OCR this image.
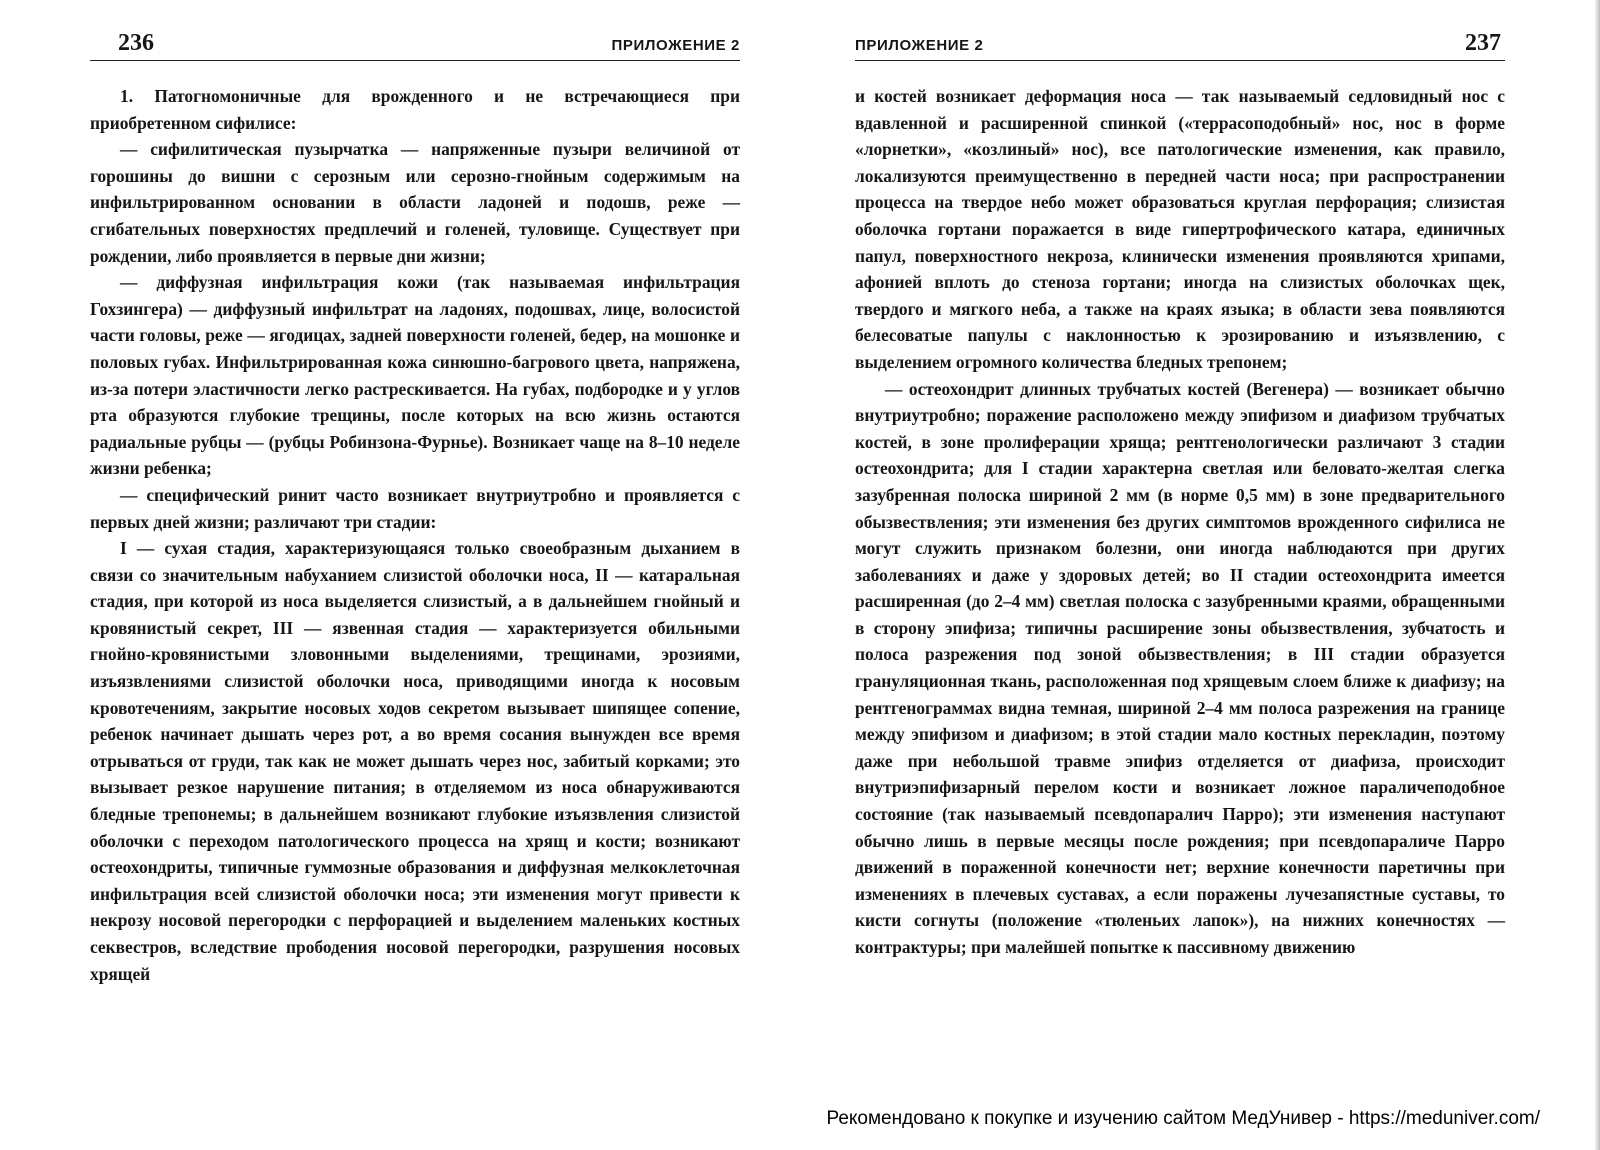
236	ПРИЛОЖЕНИЕ 2

1. Патогномоничные для врожденного и не встречающиеся при приобретенном сифилисе:

— сифилитическая пузырчатка — напряженные пузыри величиной от горошины до вишни с серозным или серозно-гнойным содержимым на инфильтрированном основании в области ладоней и подошв, реже — сгибательных поверхностях предплечий и голеней, туловище. Существует при рождении, либо проявляется в первые дни жизни;

— диффузная инфильтрация кожи (так называемая инфильтрация Гохзингера) — диффузный инфильтрат на ладонях, подошвах, лице, волосистой части головы, реже — ягодицах, задней поверхности голеней, бедер, на мошонке и половых губах. Инфильтрированная кожа синюшно-багрового цвета, напряжена, из-за потери эластичности легко растрескивается. На губах, подбородке и у углов рта образуются глубокие трещины, после которых на всю жизнь остаются радиальные рубцы — (рубцы Робинзона-Фурнье). Возникает чаще на 8–10 неделе жизни ребенка;

— специфический ринит часто возникает внутриутробно и проявляется с первых дней жизни; различают три стадии:

I — сухая стадия, характеризующаяся только своеобразным дыханием в связи со значительным набуханием слизистой оболочки носа, II — катаральная стадия, при которой из носа выделяется слизистый, а в дальнейшем гнойный и кровянистый секрет, III — язвенная стадия — характеризуется обильными гнойно-кровянистыми зловонными выделениями, трещинами, эрозиями, изъязвлениями слизистой оболочки носа, приводящими иногда к носовым кровотечениям, закрытие носовых ходов секретом вызывает шипящее сопение, ребенок начинает дышать через рот, а во время сосания вынужден все время отрываться от груди, так как не может дышать через нос, забитый корками; это вызывает резкое нарушение питания; в отделяемом из носа обнаруживаются бледные трепонемы; в дальнейшем возникают глубокие изъязвления слизистой оболочки с переходом патологического процесса на хрящ и кости; возникают остеохондриты, типичные гуммозные образования и диффузная мелкоклеточная инфильтрация всей слизистой оболочки носа; эти изменения могут привести к некрозу носовой перегородки с перфорацией и выделением маленьких костных секвестров, вследствие прободения носовой перегородки, разрушения носовых хрящей

ПРИЛОЖЕНИЕ 2	237

и костей возникает деформация носа — так называемый седловидный нос с вдавленной и расширенной спинкой («террасоподобный» нос, нос в форме «лорнетки», «козлиный» нос), все патологические изменения, как правило, локализуются преимущественно в передней части носа; при распространении процесса на твердое небо может образоваться круглая перфорация; слизистая оболочка гортани поражается в виде гипертрофического катара, единичных папул, поверхностного некроза, клинически изменения проявляются хрипами, афонией вплоть до стеноза гортани; иногда на слизистых оболочках щек, твердого и мягкого неба, а также на краях языка; в области зева появляются белесоватые папулы с наклонностью к эрозированию и изъязвлению, с выделением огромного количества бледных трепонем;

— остеохондрит длинных трубчатых костей (Вегенера) — возникает обычно внутриутробно; поражение расположено между эпифизом и диафизом трубчатых костей, в зоне пролиферации хряща; рентгенологически различают 3 стадии остеохондрита; для I стадии характерна светлая или беловато-желтая слегка зазубренная полоска шириной 2 мм (в норме 0,5 мм) в зоне предварительного обызвествления; эти изменения без других симптомов врожденного сифилиса не могут служить признаком болезни, они иногда наблюдаются при других заболеваниях и даже у здоровых детей; во II стадии остеохондрита имеется расширенная (до 2–4 мм) светлая полоска с зазубренными краями, обращенными в сторону эпифиза; типичны расширение зоны обызвествления, зубчатость и полоса разрежения под зоной обызвествления; в III стадии образуется грануляционная ткань, расположенная под хрящевым слоем ближе к диафизу; на рентгенограммах видна темная, шириной 2–4 мм полоса разрежения на границе между эпифизом и диафизом; в этой стадии мало костных перекладин, поэтому даже при небольшой травме эпифиз отделяется от диафиза, происходит внутриэпифизарный перелом кости и возникает ложное параличеподобное состояние (так называемый псевдопаралич Парро); эти изменения наступают обычно лишь в первые месяцы после рождения; при псевдопараличе Парро движений в пораженной конечности нет; верхние конечности паретичны при изменениях в плечевых суставах, а если поражены лучезапястные суставы, то кисти согнуты (положение «тюленьих лапок»), на нижних конечностях — контрактуры; при малейшей попытке к пассивному движению

Рекомендовано к покупке и изучению сайтом МедУнивер - https://meduniver.com/
